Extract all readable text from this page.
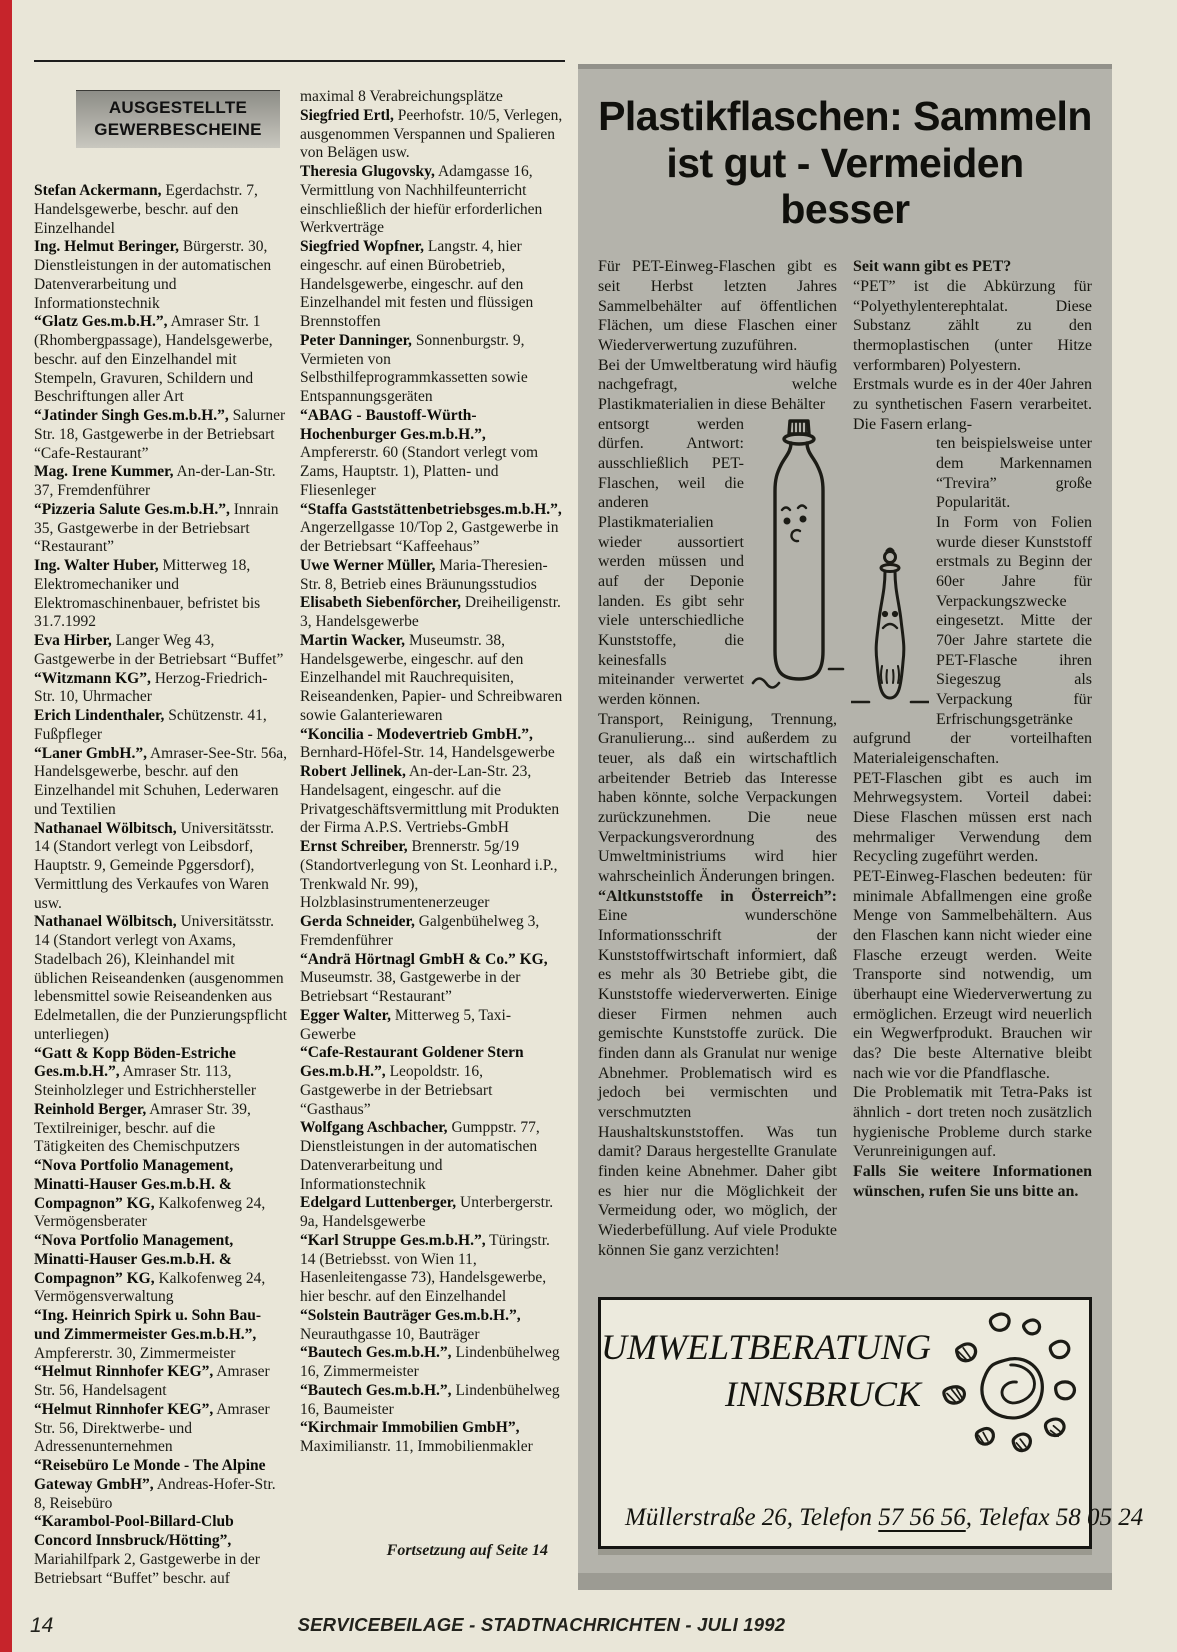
AUSGESTELLTE
GEWERBESCHEINE

Stefan Ackermann, Egerdachstr. 7, Handelsgewerbe, beschr. auf den Einzelhandel

Ing. Helmut Beringer, Bürgerstr. 30, Dienstleistungen in der automatischen Datenverarbeitung und Informationstechnik

“Glatz Ges.m.b.H.”, Amraser Str. 1 (Rhombergpassage), Handelsgewerbe, beschr. auf den Einzelhandel mit Stempeln, Gravuren, Schildern und Beschriftungen aller Art

“Jatinder Singh Ges.m.b.H.”, Salurner Str. 18, Gastgewerbe in der Betriebsart “Cafe-Restaurant”

Mag. Irene Kummer, An-der-Lan-Str. 37, Fremdenführer

“Pizzeria Salute Ges.m.b.H.”, Innrain 35, Gastgewerbe in der Betriebsart “Restaurant”

Ing. Walter Huber, Mitterweg 18, Elektromechaniker und Elektromaschinenbauer, befristet bis 31.7.1992

Eva Hirber, Langer Weg 43, Gastgewerbe in der Betriebsart “Buffet”

“Witzmann KG”, Herzog-Friedrich-Str. 10, Uhrmacher

Erich Lindenthaler, Schützenstr. 41, Fußpfleger

“Laner GmbH.”, Amraser-See-Str. 56a, Handelsgewerbe, beschr. auf den Einzelhandel mit Schuhen, Lederwaren und Textilien

Nathanael Wölbitsch, Universitätsstr. 14 (Standort verlegt von Leibsdorf, Hauptstr. 9, Gemeinde Pggersdorf), Vermittlung des Verkaufes von Waren usw.

Nathanael Wölbitsch, Universitätsstr. 14 (Standort verlegt von Axams, Stadelbach 26), Kleinhandel mit üblichen Reiseandenken (ausgenommen lebensmittel sowie Reiseandenken aus Edelmetallen, die der Punzierungspflicht unterliegen)

“Gatt & Kopp Böden-Estriche Ges.m.b.H.”, Amraser Str. 113, Steinholzleger und Estrichhersteller

Reinhold Berger, Amraser Str. 39, Textilreiniger, beschr. auf die Tätigkeiten des Chemischputzers

“Nova Portfolio Management, Minatti-Hauser Ges.m.b.H. & Compagnon” KG, Kalkofenweg 24, Vermögensberater

“Nova Portfolio Management, Minatti-Hauser Ges.m.b.H. & Compagnon” KG, Kalkofenweg 24, Vermögensverwaltung

“Ing. Heinrich Spirk u. Sohn Bau- und Zimmermeister Ges.m.b.H.”, Ampfererstr. 30, Zimmermeister

“Helmut Rinnhofer KEG”, Amraser Str. 56, Handelsagent

“Helmut Rinnhofer KEG”, Amraser Str. 56, Direktwerbe- und Adressenunternehmen

“Reisebüro Le Monde - The Alpine Gateway GmbH”, Andreas-Hofer-Str. 8, Reisebüro

“Karambol-Pool-Billard-Club Concord Innsbruck/Hötting”, Mariahilfpark 2, Gastgewerbe in der Betriebsart “Buffet” beschr. auf

maximal 8 Verabreichungsplätze

Siegfried Ertl, Peerhofstr. 10/5, Verlegen, ausgenommen Verspannen und Spalieren von Belägen usw.

Theresia Glugovsky, Adamgasse 16, Vermittlung von Nachhilfeunterricht einschließlich der hiefür erforderlichen Werkverträge

Siegfried Wopfner, Langstr. 4, hier eingeschr. auf einen Bürobetrieb, Handelsgewerbe, eingeschr. auf den Einzelhandel mit festen und flüssigen Brennstoffen

Peter Danninger, Sonnenburgstr. 9, Vermieten von Selbsthilfeprogrammkassetten sowie Entspannungsgeräten

“ABAG - Baustoff-Würth-Hochenburger Ges.m.b.H.”, Ampfererstr. 60 (Standort verlegt vom Zams, Hauptstr. 1), Platten- und Fliesenleger

“Staffa Gaststättenbetriebsges.m.b.H.”, Angerzellgasse 10/Top 2, Gastgewerbe in der Betriebsart “Kaffeehaus”

Uwe Werner Müller, Maria-Theresien-Str. 8, Betrieb eines Bräunungsstudios

Elisabeth Siebenförcher, Dreiheiligenstr. 3, Handelsgewerbe

Martin Wacker, Museumstr. 38, Handelsgewerbe, eingeschr. auf den Einzelhandel mit Rauchrequisiten, Reiseandenken, Papier- und Schreibwaren sowie Galanteriewaren

“Koncilia - Modevertrieb GmbH.”, Bernhard-Höfel-Str. 14, Handelsgewerbe

Robert Jellinek, An-der-Lan-Str. 23, Handelsagent, eingeschr. auf die Privatgeschäftsvermittlung mit Produkten der Firma A.P.S. Vertriebs-GmbH

Ernst Schreiber, Brennerstr. 5g/19 (Standortverlegung von St. Leonhard i.P., Trenkwald Nr. 99), Holzblasinstrumentenerzeuger

Gerda Schneider, Galgenbühelweg 3, Fremdenführer

“Andrä Hörtnagl GmbH & Co.” KG, Museumstr. 38, Gastgewerbe in der Betriebsart “Restaurant”

Egger Walter, Mitterweg 5, Taxi-Gewerbe

“Cafe-Restaurant Goldener Stern Ges.m.b.H.”, Leopoldstr. 16, Gastgewerbe in der Betriebsart “Gasthaus”

Wolfgang Aschbacher, Gumppstr. 77, Dienstleistungen in der automatischen Datenverarbeitung und Informationstechnik

Edelgard Luttenberger, Unterbergerstr. 9a, Handelsgewerbe

“Karl Struppe Ges.m.b.H.”, Türingstr. 14 (Betriebsst. von Wien 11, Hasenleitengasse 73), Handelsgewerbe, hier beschr. auf den Einzelhandel

“Solstein Bauträger Ges.m.b.H.”, Neurauthgasse 10, Bauträger

“Bautech Ges.m.b.H.”, Lindenbühelweg 16, Zimmermeister

“Bautech Ges.m.b.H.”, Lindenbühelweg 16, Baumeister

“Kirchmair Immobilien GmbH”, Maximilianstr. 11, Immobilienmakler

Fortsetzung auf Seite 14
Plastikflaschen: Sammeln
ist gut - Vermeiden besser

Für PET-Einweg-Flaschen gibt es seit Herbst letzten Jahres Sammelbehälter auf öffentlichen Flächen, um diese Flaschen einer Wiederverwertung zuzuführen.

Bei der Umweltberatung wird häufig nachgefragt, welche Plastikmaterialien in diese Behälter

entsorgt werden dürfen. Antwort: ausschließlich PET-Flaschen, weil die anderen Plastikmaterialien wieder aussortiert werden müssen und auf der Deponie landen. Es gibt sehr viele unterschiedliche Kunststoffe, die keinesfalls miteinander verwertet werden können.

Transport, Reinigung, Trennung, Granulierung... sind außerdem zu teuer, als daß ein wirtschaftlich arbeitender Betrieb das Interesse haben könnte, solche Verpackungen zurückzunehmen. Die neue Verpackungsverordnung des Umweltministriums wird hier wahrscheinlich Änderungen bringen.

“Altkunststoffe in Österreich”: Eine wunderschöne Informationsschrift der Kunststoffwirtschaft informiert, daß es mehr als 30 Betriebe gibt, die Kunststoffe wiederverwerten. Einige dieser Firmen nehmen auch gemischte Kunststoffe zurück. Die finden dann als Granulat nur wenige Abnehmer. Problematisch wird es jedoch bei vermischten und verschmutzten Haushaltskunststoffen. Was tun damit? Daraus hergestellte Granulate finden keine Abnehmer. Daher gibt es hier nur die Möglichkeit der Vermeidung oder, wo möglich, der Wiederbefüllung. Auf viele Produkte können Sie ganz verzichten!

Seit wann gibt es PET?

“PET” ist die Abkürzung für “Polyethylenterephtalat. Diese Substanz zählt zu den thermoplastischen (unter Hitze verformbaren) Polyestern.

Erstmals wurde es in der 40er Jahren zu synthetischen Fasern verarbeitet. Die Fasern erlang-

ten beispielsweise unter dem Markennamen “Trevira” große Popularität.

In Form von Folien wurde dieser Kunststoff erstmals zu Beginn der 60er Jahre für Verpackungszwecke eingesetzt. Mitte der 70er Jahre startete die PET-Flasche ihren Siegeszug als Verpackung für Erfrischungsgetränke aufgrund der vorteilhaften Materialeigenschaften.

PET-Flaschen gibt es auch im Mehrwegsystem. Vorteil dabei: Diese Flaschen müssen erst nach mehrmaliger Verwendung dem Recycling zugeführt werden.

PET-Einweg-Flaschen bedeuten: für minimale Abfallmengen eine große Menge von Sammelbehältern. Aus den Flaschen kann nicht wieder eine Flasche erzeugt werden. Weite Transporte sind notwendig, um überhaupt eine Wiederverwertung zu ermöglichen. Erzeugt wird neuerlich ein Wegwerfprodukt. Brauchen wir das? Die beste Alternative bleibt nach wie vor die Pfandflasche.

Die Problematik mit Tetra-Paks ist ähnlich - dort treten noch zusätzlich hygienische Probleme durch starke Verunreinigungen auf.

Falls Sie weitere Informationen wünschen, rufen Sie uns bitte an.

UMWELTBERATUNG
INNSBRUCK
Müllerstraße 26, Telefon 57 56 56, Telefax 58 05 24
14	SERVICEBEILAGE - STADTNACHRICHTEN - JULI 1992
